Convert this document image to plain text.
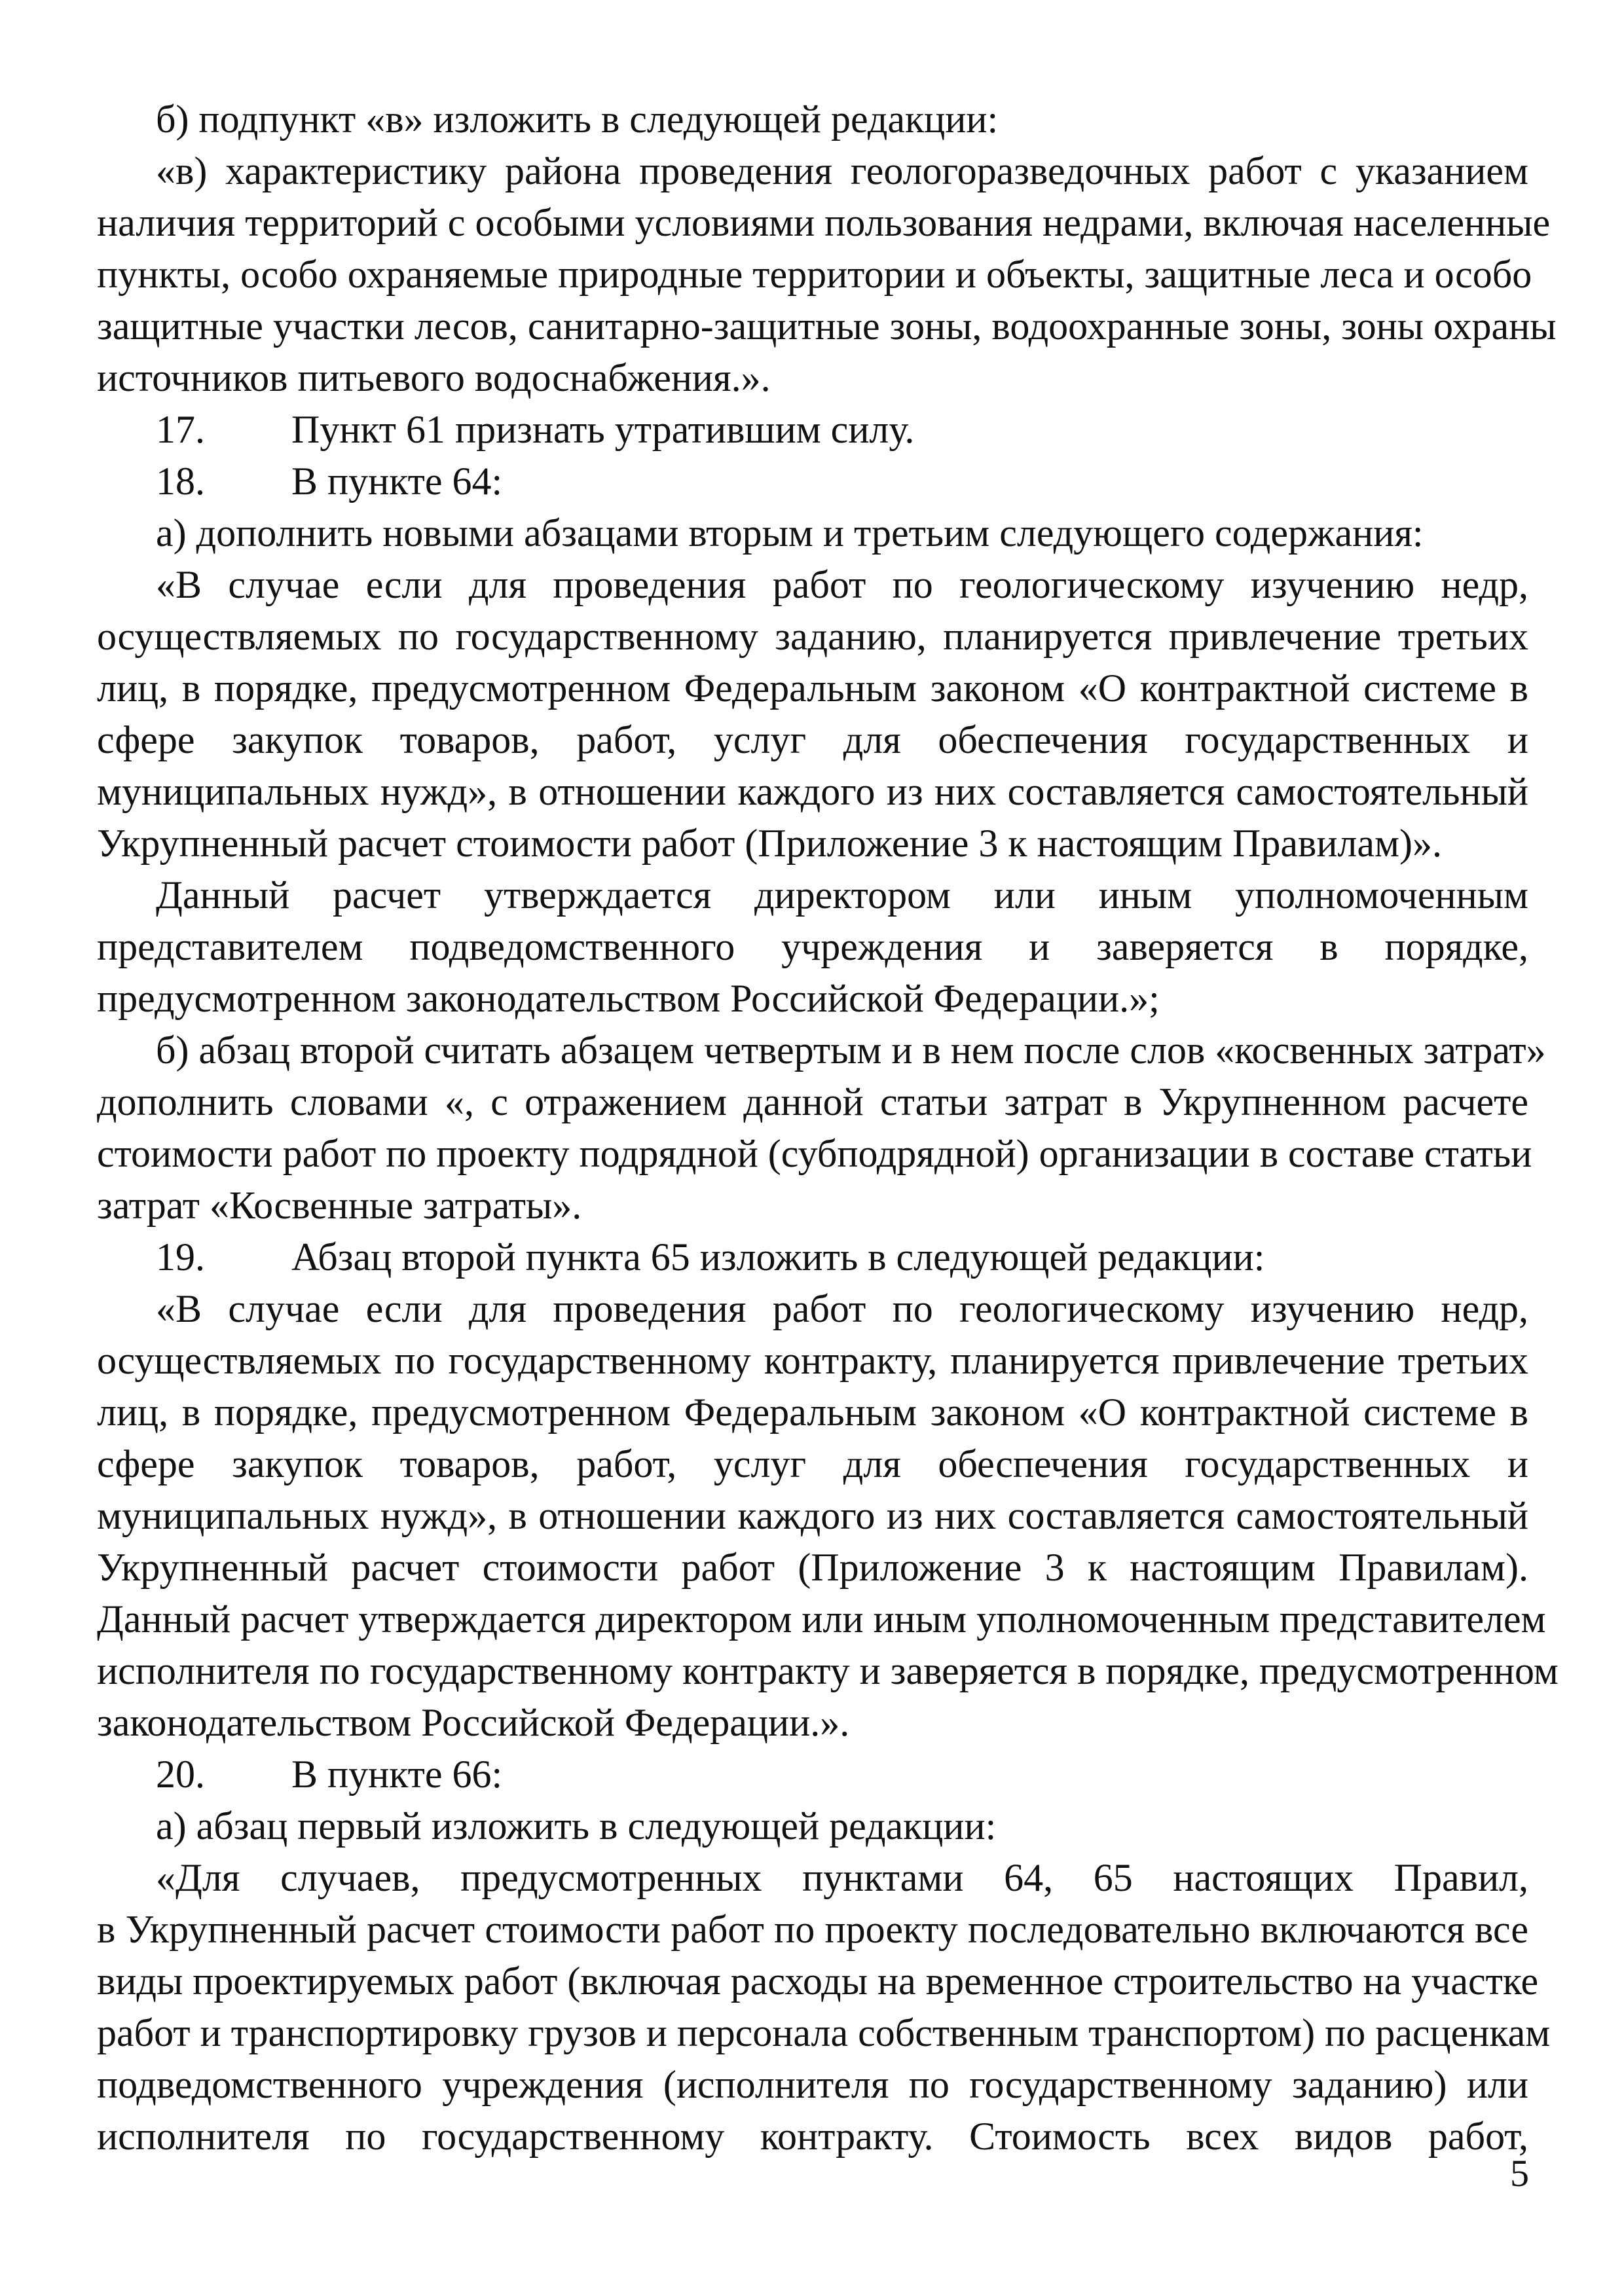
б) подпункт «в» изложить в следующей редакции:
«в) характеристику района проведения геологоразведочных работ с указанием
наличия территорий с особыми условиями пользования недрами, включая населенные
пункты, особо охраняемые природные территории и объекты, защитные леса и особо
защитные участки лесов, санитарно-защитные зоны, водоохранные зоны, зоны охраны
источников питьевого водоснабжения.».
17. Пункт 61 признать утратившим силу.
18. В пункте 64:
а) дополнить новыми абзацами вторым и третьим следующего содержания:
«В случае если для проведения работ по геологическому изучению недр,
осуществляемых по государственному заданию, планируется привлечение третьих
лиц, в порядке, предусмотренном Федеральным законом «О контрактной системе в
сфере закупок товаров, работ, услуг для обеспечения государственных и
муниципальных нужд», в отношении каждого из них составляется самостоятельный
Укрупненный расчет стоимости работ (Приложение 3 к настоящим Правилам)».
Данный расчет утверждается директором или иным уполномоченным
представителем подведомственного учреждения и заверяется в порядке,
предусмотренном законодательством Российской Федерации.»;
б) абзац второй считать абзацем четвертым и в нем после слов «косвенных затрат»
дополнить словами «, с отражением данной статьи затрат в Укрупненном расчете
стоимости работ по проекту подрядной (субподрядной) организации в составе статьи
затрат «Косвенные затраты».
19. Абзац второй пункта 65 изложить в следующей редакции:
«В случае если для проведения работ по геологическому изучению недр,
осуществляемых по государственному контракту, планируется привлечение третьих
лиц, в порядке, предусмотренном Федеральным законом «О контрактной системе в
сфере закупок товаров, работ, услуг для обеспечения государственных и
муниципальных нужд», в отношении каждого из них составляется самостоятельный
Укрупненный расчет стоимости работ (Приложение 3 к настоящим Правилам).
Данный расчет утверждается директором или иным уполномоченным представителем
исполнителя по государственному контракту и заверяется в порядке, предусмотренном
законодательством Российской Федерации.».
20. В пункте 66:
а) абзац первый изложить в следующей редакции:
«Для случаев, предусмотренных пунктами 64, 65 настоящих Правил,
в Укрупненный расчет стоимости работ по проекту последовательно включаются все
виды проектируемых работ (включая расходы на временное строительство на участке
работ и транспортировку грузов и персонала собственным транспортом) по расценкам
подведомственного учреждения (исполнителя по государственному заданию) или
исполнителя по государственному контракту. Стоимость всех видов работ,
5
